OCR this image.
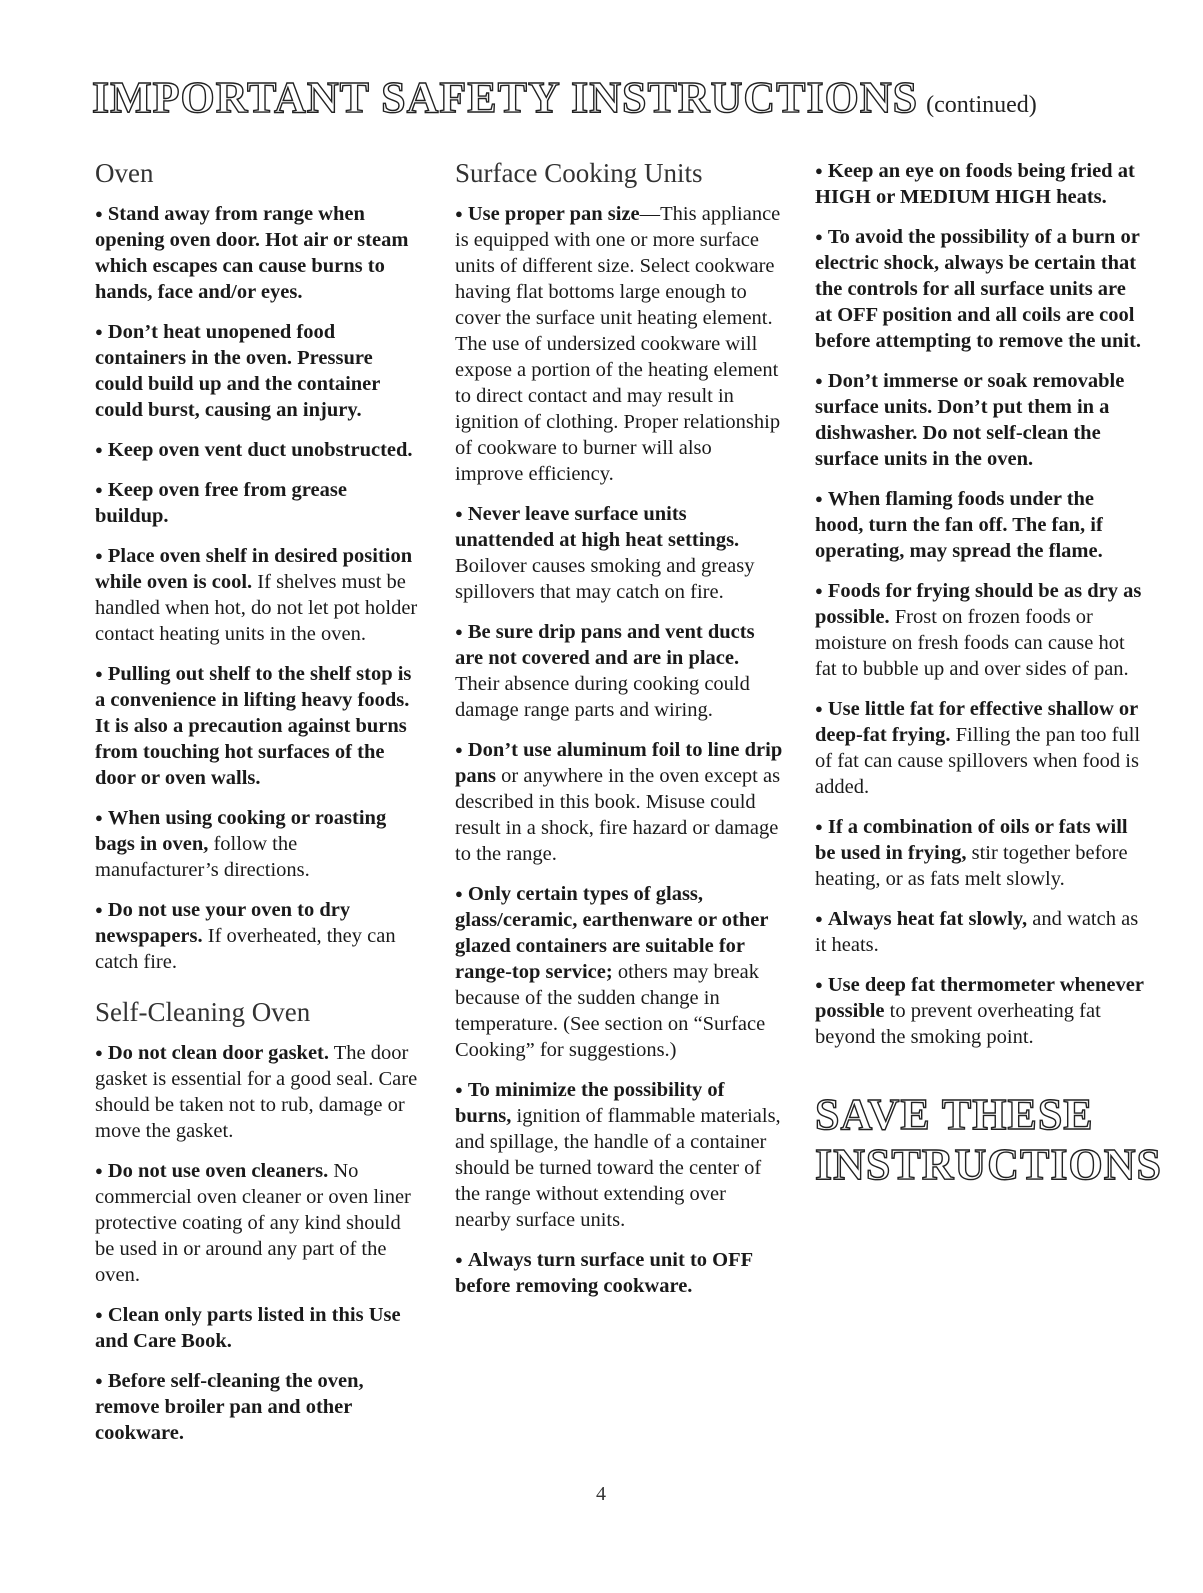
IMPORTANT SAFETY INSTRUCTIONS (continued)
Oven

● Stand away from range when opening oven door. Hot air or steam which escapes can cause burns to hands, face and/or eyes.

● Don’t heat unopened food containers in the oven. Pressure could build up and the container could burst, causing an injury.

● Keep oven vent duct unobstructed.

● Keep oven free from grease buildup.

● Place oven shelf in desired position while oven is cool. If shelves must be handled when hot, do not let pot holder contact heating units in the oven.

● Pulling out shelf to the shelf stop is a convenience in lifting heavy foods. It is also a precaution against burns from touching hot surfaces of the door or oven walls.

● When using cooking or roasting bags in oven, follow the manufacturer’s directions.

● Do not use your oven to dry newspapers. If overheated, they can catch fire.

Self-Cleaning Oven

● Do not clean door gasket. The door gasket is essential for a good seal. Care should be taken not to rub, damage or move the gasket.

● Do not use oven cleaners. No commercial oven cleaner or oven liner protective coating of any kind should be used in or around any part of the oven.

● Clean only parts listed in this Use and Care Book.

● Before self-cleaning the oven, remove broiler pan and other cookware.

Surface Cooking Units

● Use proper pan size—This appliance is equipped with one or more surface units of different size. Select cookware having flat bottoms large enough to cover the surface unit heating element. The use of undersized cookware will expose a portion of the heating element to direct contact and may result in ignition of clothing. Proper relationship of cookware to burner will also improve efficiency.

● Never leave surface units unattended at high heat settings. Boilover causes smoking and greasy spillovers that may catch on fire.

● Be sure drip pans and vent ducts are not covered and are in place. Their absence during cooking could damage range parts and wiring.

● Don’t use aluminum foil to line drip pans or anywhere in the oven except as described in this book. Misuse could result in a shock, fire hazard or damage to the range.

● Only certain types of glass, glass/ceramic, earthenware or other glazed containers are suitable for range-top service; others may break because of the sudden change in temperature. (See section on “Surface Cooking” for suggestions.)

● To minimize the possibility of burns, ignition of flammable materials, and spillage, the handle of a container should be turned toward the center of the range without extending over nearby surface units.

● Always turn surface unit to OFF before removing cookware.

● Keep an eye on foods being fried at HIGH or MEDIUM HIGH heats.

● To avoid the possibility of a burn or electric shock, always be certain that the controls for all surface units are at OFF position and all coils are cool before attempting to remove the unit.

● Don’t immerse or soak removable surface units. Don’t put them in a dishwasher. Do not self-clean the surface units in the oven.

● When flaming foods under the hood, turn the fan off. The fan, if operating, may spread the flame.

● Foods for frying should be as dry as possible. Frost on frozen foods or moisture on fresh foods can cause hot fat to bubble up and over sides of pan.

● Use little fat for effective shallow or deep-fat frying. Filling the pan too full of fat can cause spillovers when food is added.

● If a combination of oils or fats will be used in frying, stir together before heating, or as fats melt slowly.

● Always heat fat slowly, and watch as it heats.

● Use deep fat thermometer whenever possible to prevent overheating fat beyond the smoking point.

SAVE THESE
INSTRUCTIONS
4
